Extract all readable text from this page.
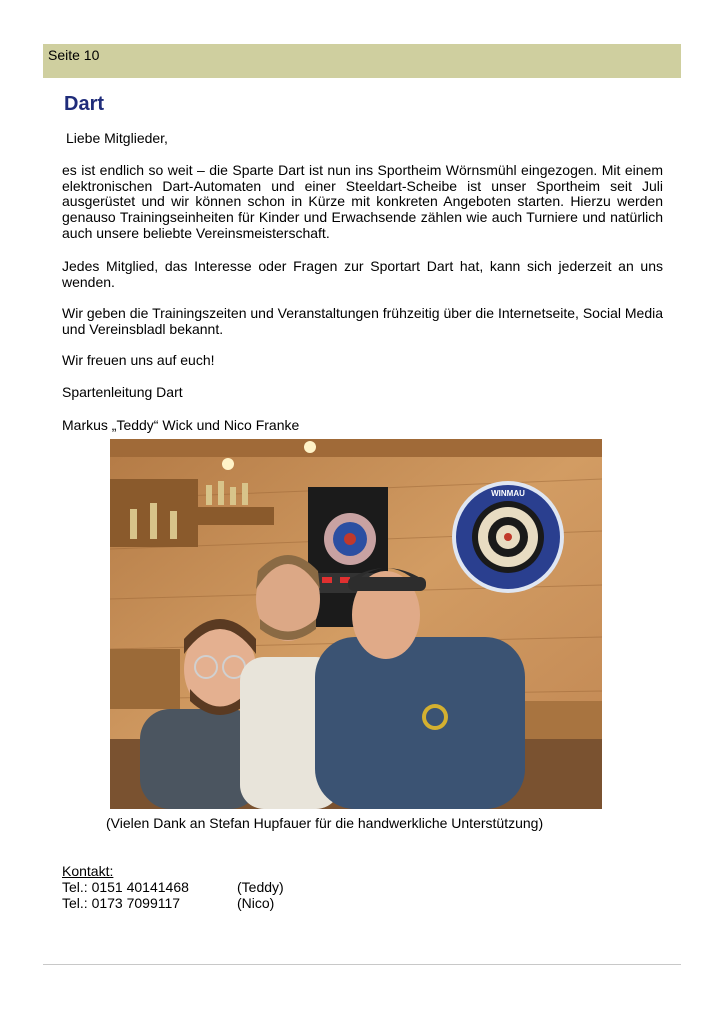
Seite 10
Dart

Liebe Mitglieder,

es ist endlich so weit – die Sparte Dart ist nun ins Sportheim Wörnsmühl eingezogen. Mit einem elektronischen Dart-Automaten und einer Steeldart-Scheibe ist unser Sportheim seit Juli ausgerüstet und wir können schon in Kürze mit konkreten Angeboten starten. Hierzu werden genauso Trainingseinheiten für Kinder und Erwachsende zählen wie auch Turniere und natürlich auch unsere beliebte Vereinsmeisterschaft.

Jedes Mitglied, das Interesse oder Fragen zur Sportart Dart hat, kann sich jederzeit an uns wenden.

Wir geben die Trainingszeiten und Veranstaltungen frühzeitig über die Internetseite, Social Media und Vereinsbladl bekannt.

Wir freuen uns auf euch!

Spartenleitung Dart

Markus „Teddy“ Wick und Nico Franke

WINMAU

(Vielen Dank an Stefan Hupfauer für die handwerkliche Unterstützung)

Kontakt:
Tel.: 0151 40141468	(Teddy)
Tel.: 0173 7099117	(Nico)
